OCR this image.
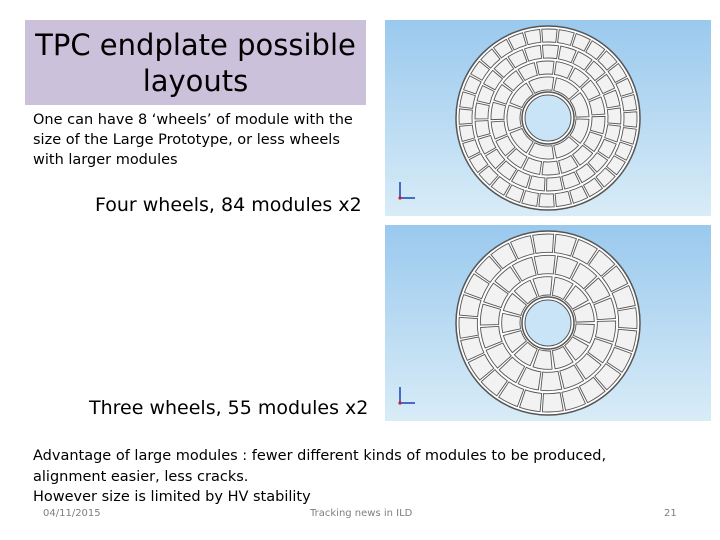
TPC endplate possible
layouts
One can have 8 ‘wheels’ of module with the size of the Large Prototype, or less wheels with larger modules
Four wheels, 84 modules x2
Three wheels, 55 modules x2
Advantage of large modules : fewer different kinds of modules to be produced, alignment easier, less cracks.
However size is limited by HV stability
04/11/2015	Tracking news in ILD	21
